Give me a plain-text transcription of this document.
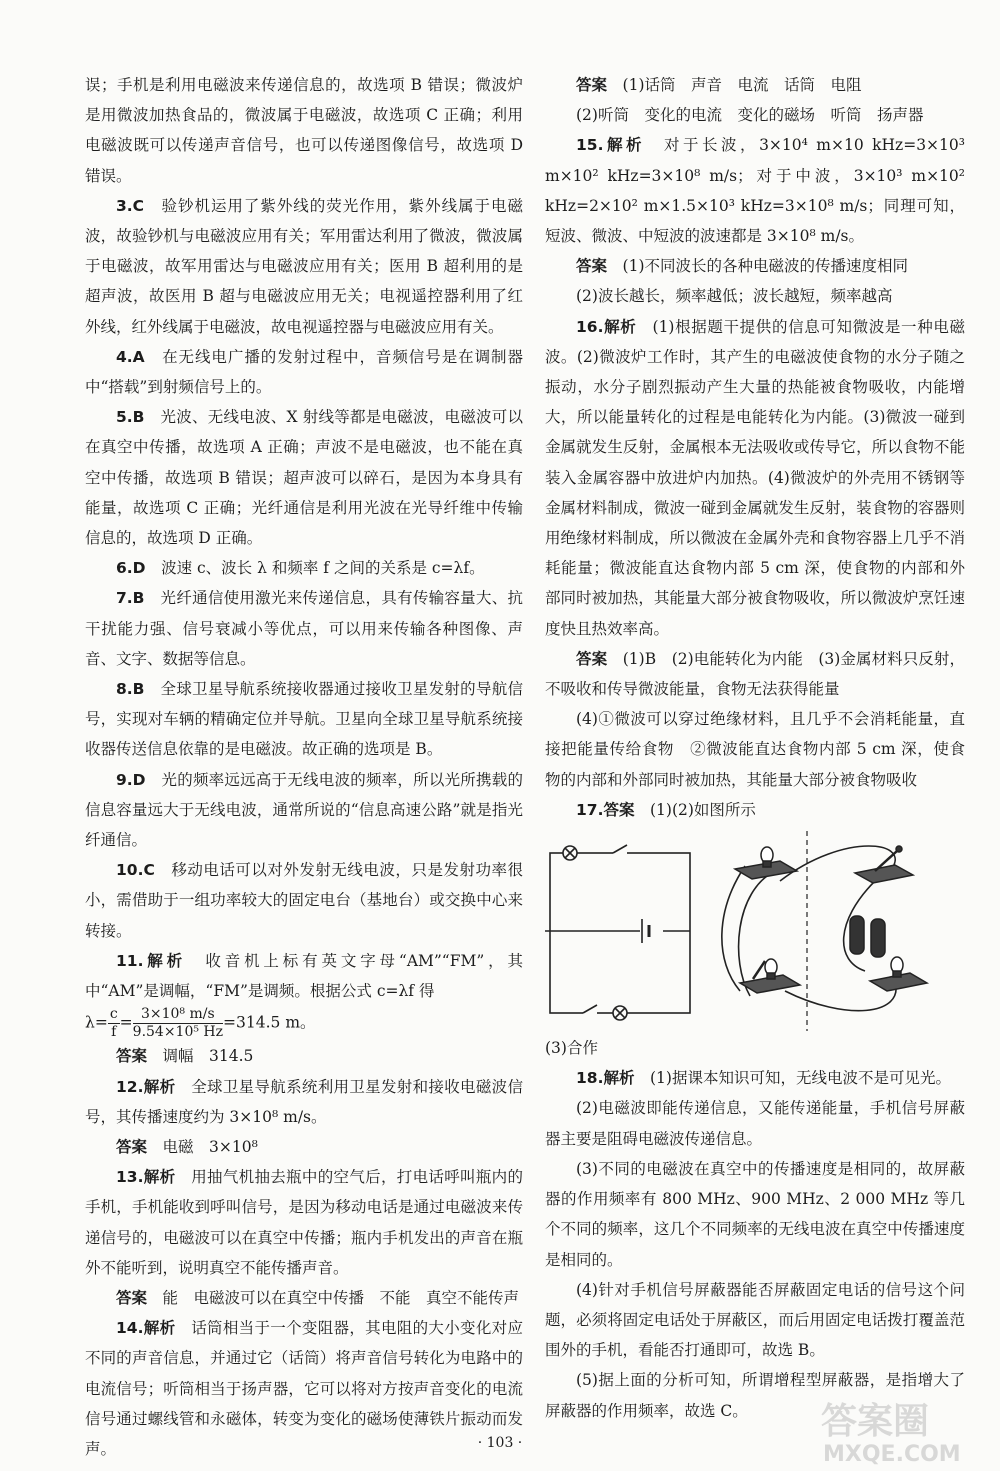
误；手机是利用电磁波来传递信息的，故选项 B 错误；微波炉是用微波加热食品的，微波属于电磁波，故选项 C 正确；利用电磁波既可以传递声音信号，也可以传递图像信号，故选项 D 错误。

3.C　 验钞机运用了紫外线的荧光作用，紫外线属于电磁波，故验钞机与电磁波应用有关；军用雷达利用了微波，微波属于电磁波，故军用雷达与电磁波应用有关；医用 B 超利用的是超声波，故医用 B 超与电磁波应用无关；电视遥控器利用了红外线，红外线属于电磁波，故电视遥控器与电磁波应用有关。

4.A　 在无线电广播的发射过程中，音频信号是在调制器中“搭载”到射频信号上的。

5.B　 光波、无线电波、X 射线等都是电磁波，电磁波可以在真空中传播，故选项 A 正确；声波不是电磁波，也不能在真空中传播，故选项 B 错误；超声波可以碎石，是因为本身具有能量，故选项 C 正确；光纤通信是利用光波在光导纤维中传输信息的，故选项 D 正确。

6.D　 波速 c、波长 λ 和频率 f 之间的关系是 c=λf。

7.B　 光纤通信使用激光来传递信息，具有传输容量大、抗干扰能力强、信号衰减小等优点，可以用来传输各种图像、声音、文字、数据等信息。

8.B　 全球卫星导航系统接收器通过接收卫星发射的导航信号，实现对车辆的精确定位并导航。卫星向全球卫星导航系统接收器传送信息依靠的是电磁波。故正确的选项是 B。

9.D　 光的频率远远高于无线电波的频率，所以光所携载的信息容量远大于无线电波，通常所说的“信息高速公路”就是指光纤通信。

10.C　 移动电话可以对外发射无线电波，只是发射功率很小，需借助于一组功率较大的固定电台（基地台）或交换中心来转接。

11.解析　 收音机上标有英文字母“AM”“FM”，其中“AM”是调幅，“FM”是调频。根据公式 c=λf 得

$\lambda= \frac{c}{f} = \frac{\text{3×10⁸ m/s}}{\text{9.54×10⁵ Hz}} =314.5$ m。

答案　 调幅　314.5

12.解析　 全球卫星导航系统利用卫星发射和接收电磁波信号，其传播速度约为 3×10⁸ m/s。

答案　 电磁　3×10⁸

13.解析　 用抽气机抽去瓶中的空气后，打电话呼叫瓶内的手机，手机能收到呼叫信号，是因为移动电话是通过电磁波来传递信号的，电磁波可以在真空中传播；瓶内手机发出的声音在瓶外不能听到，说明真空不能传播声音。

答案　 能　电磁波可以在真空中传播　不能　真空不能传声

14.解析　 话筒相当于一个变阻器，其电阻的大小变化对应不同的声音信息，并通过它（话筒）将声音信号转化为电路中的电流信号；听筒相当于扬声器，它可以将对方按声音变化的电流信号通过螺线管和永磁体，转变为变化的磁场使薄铁片振动而发声。

答案　 (1)话筒　声音　电流　话筒　电阻

(2)听筒　变化的电流　变化的磁场　听筒　扬声器

15.解析　 对于长波，3×10⁴ m×10 kHz=3×10³ m×10² kHz=3×10⁸ m/s；对于中波，3×10³ m×10² kHz=2×10² m×1.5×10³ kHz=3×10⁸ m/s；同理可知，短波、微波、中短波的波速都是 3×10⁸ m/s。

答案　 (1)不同波长的各种电磁波的传播速度相同

(2)波长越长，频率越低；波长越短，频率越高

16.解析　 (1)根据题干提供的信息可知微波是一种电磁波。(2)微波炉工作时，其产生的电磁波使食物的水分子随之振动，水分子剧烈振动产生大量的热能被食物吸收，内能增大，所以能量转化的过程是电能转化为内能。(3)微波一碰到金属就发生反射，金属根本无法吸收或传导它，所以食物不能装入金属容器中放进炉内加热。(4)微波炉的外壳用不锈钢等金属材料制成，微波一碰到金属就发生反射，装食物的容器则用绝缘材料制成，所以微波在金属外壳和食物容器上几乎不消耗能量；微波能直达食物内部 5 cm 深，使食物的内部和外部同时被加热，其能量大部分被食物吸收，所以微波炉烹饪速度快且热效率高。

答案　 (1)B　(2)电能转化为内能　(3)金属材料只反射，不吸收和传导微波能量，食物无法获得能量

(4)①微波可以穿过绝缘材料，且几乎不会消耗能量，直接把能量传给食物　②微波能直达食物内部 5 cm 深，使食物的内部和外部同时被加热，其能量大部分被食物吸收

17.答案　 (1)(2)如图所示

(3)合作

18.解析　 (1)据课本知识可知，无线电波不是可见光。

(2)电磁波即能传递信息，又能传递能量，手机信号屏蔽器主要是阻碍电磁波传递信息。

(3)不同的电磁波在真空中的传播速度是相同的，故屏蔽器的作用频率有 800 MHz、900 MHz、2 000 MHz 等几个不同的频率，这几个不同频率的无线电波在真空中传播速度是相同的。

(4)针对手机信号屏蔽器能否屏蔽固定电话的信号这个问题，必须将固定电话处于屏蔽区，而后用固定电话拨打覆盖范围外的手机，看能否打通即可，故选 B。

(5)据上面的分析可知，所谓增程型屏蔽器，是指增大了屏蔽器的作用频率，故选 C。

· 103 ·
答案圈
MXQE.COM
